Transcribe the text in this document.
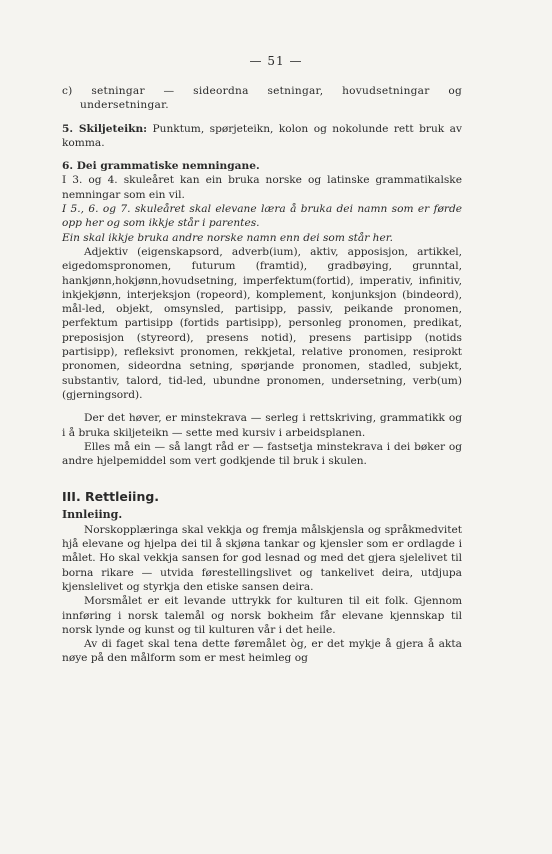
— 51 —

c) setningar — sideordna setningar, hovudsetningar og undersetningar.

5. Skiljeteikn: Punktum, spørjeteikn, kolon og nokolunde rett bruk av komma.

6. Dei grammatiske nemningane.

I 3. og 4. skuleåret kan ein bruka norske og latinske grammatikalske nemningar som ein vil.

I 5., 6. og 7. skuleåret skal elevane læra å bruka dei namn som er førde opp her og som ikkje står i parentes.

Ein skal ikkje bruka andre norske namn enn dei som står her.

Adjektiv (eigenskapsord, adverb(ium), aktiv, apposisjon, artikkel, eigedomspronomen, futurum (framtid), gradbøying, grunntal, hankjønn,hokjønn,hovudsetning, imperfektum(fortid), imperativ, infinitiv, inkjekjønn, interjeksjon (ropeord), komplement, konjunksjon (bindeord), mål-led, objekt, omsynsled, partisipp, passiv, peikande pronomen, perfektum partisipp (fortids partisipp), personleg pronomen, predikat, preposisjon (styreord), presens notid), presens partisipp (notids partisipp), refleksivt pronomen, rekkjetal, relative pronomen, resiprokt pronomen, sideordna setning, spørjande pronomen, stadled, subjekt, substantiv, talord, tid-led, ubundne pronomen, undersetning, verb(um) (gjerningsord).

Der det høver, er minstekrava — serleg i rettskriving, grammatikk og i å bruka skiljeteikn — sette med kursiv i arbeidsplanen.

Elles må ein — så langt råd er — fastsetja minstekrava i dei bøker og andre hjelpemiddel som vert godkjende til bruk i skulen.

III. Rettleiing.
Innleiing.

Norskopplæringa skal vekkja og fremja målskjensla og språkmedvitet hjå elevane og hjelpa dei til å skjøna tankar og kjensler som er ordlagde i målet. Ho skal vekkja sansen for god lesnad og med det gjera sjelelivet til borna rikare — utvida førestellingslivet og tankelivet deira, utdjupa kjenslelivet og styrkja den etiske sansen deira.

Morsmålet er eit levande uttrykk for kulturen til eit folk. Gjennom innføring i norsk talemål og norsk bokheim får elevane kjennskap til norsk lynde og kunst og til kulturen vår i det heile.

Av di faget skal tena dette føremålet òg, er det mykje å gjera å akta nøye på den målform som er mest heimleg og
